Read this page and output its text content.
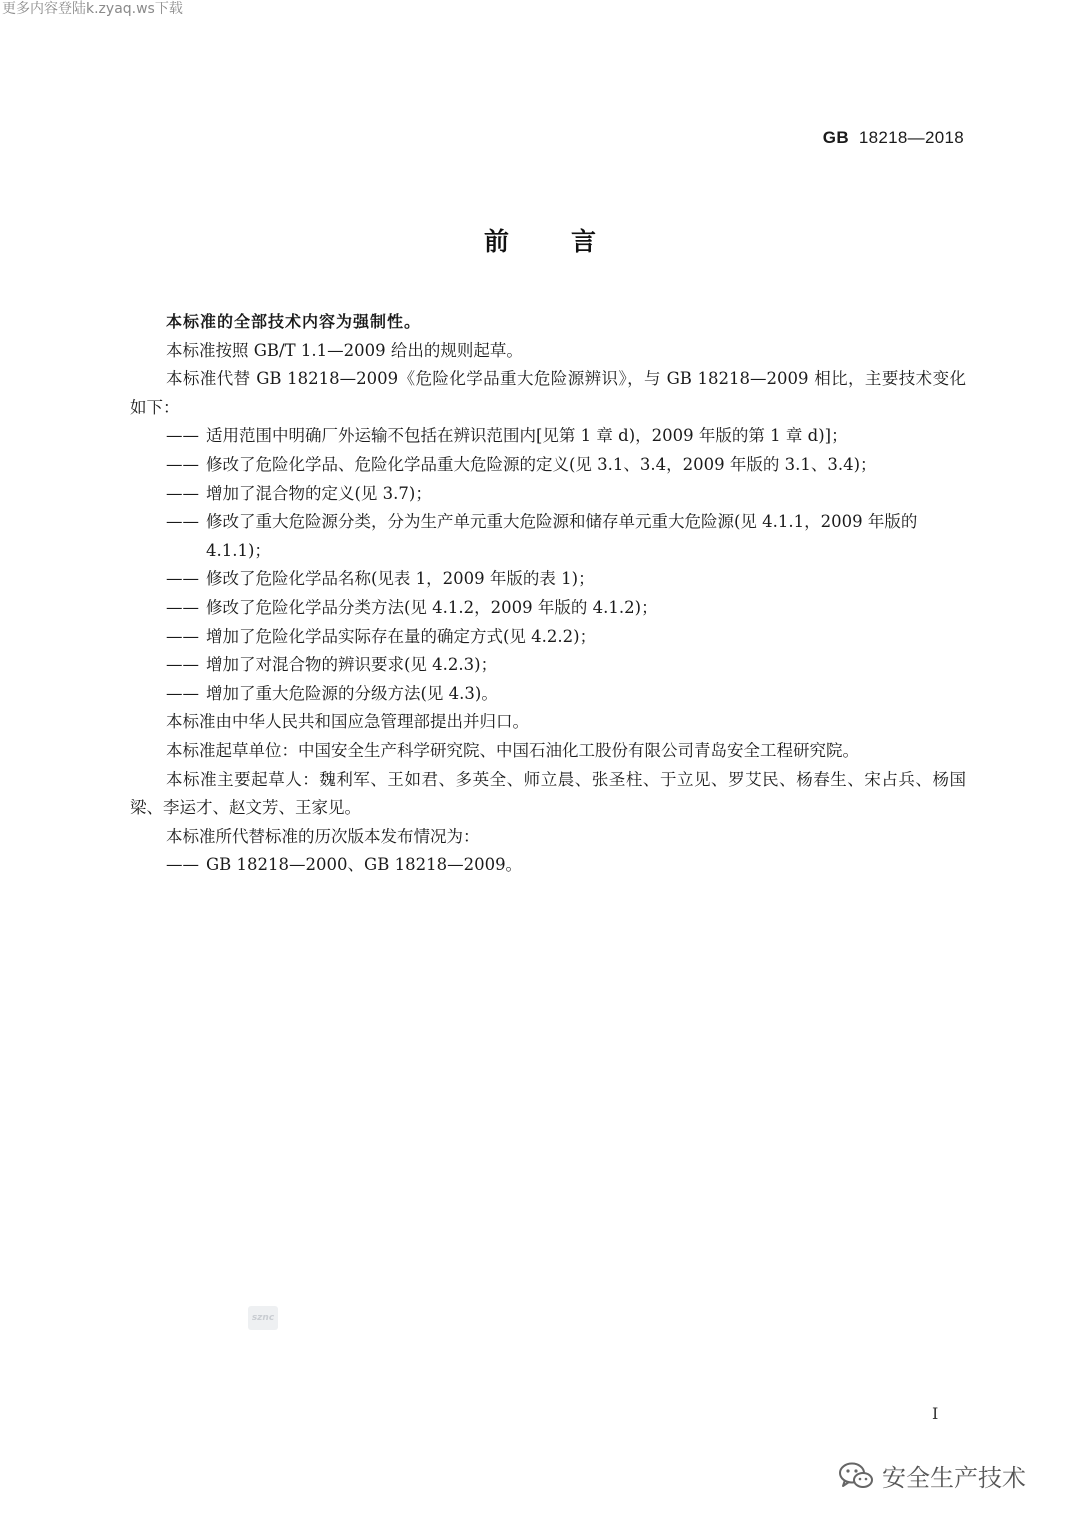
更多内容登陆k.zyaq.ws下载
GB 18218—2018
前言

本标准的全部技术内容为强制性。

本标准按照 GB/T 1.1—2009 给出的规则起草。

本标准代替 GB 18218—2009《危险化学品重大危险源辨识》，与 GB 18218—2009 相比，主要技术变化如下：

—— 适用范围中明确厂外运输不包括在辨识范围内[见第 1 章 d)，2009 年版的第 1 章 d)]；
—— 修改了危险化学品、危险化学品重大危险源的定义(见 3.1、3.4，2009 年版的 3.1、3.4)；
—— 增加了混合物的定义(见 3.7)；
—— 修改了重大危险源分类，分为生产单元重大危险源和储存单元重大危险源(见 4.1.1，2009 年版的 4.1.1)；
—— 修改了危险化学品名称(见表 1，2009 年版的表 1)；
—— 修改了危险化学品分类方法(见 4.1.2，2009 年版的 4.1.2)；
—— 增加了危险化学品实际存在量的确定方式(见 4.2.2)；
—— 增加了对混合物的辨识要求(见 4.2.3)；
—— 增加了重大危险源的分级方法(见 4.3)。

本标准由中华人民共和国应急管理部提出并归口。

本标准起草单位：中国安全生产科学研究院、中国石油化工股份有限公司青岛安全工程研究院。

本标准主要起草人：魏利军、王如君、多英全、师立晨、张圣柱、于立见、罗艾民、杨春生、宋占兵、杨国梁、李运才、赵文芳、王家见。

本标准所代替标准的历次版本发布情况为：

—— GB 18218—2000、GB 18218—2009。
sznc
I
安全生产技术
